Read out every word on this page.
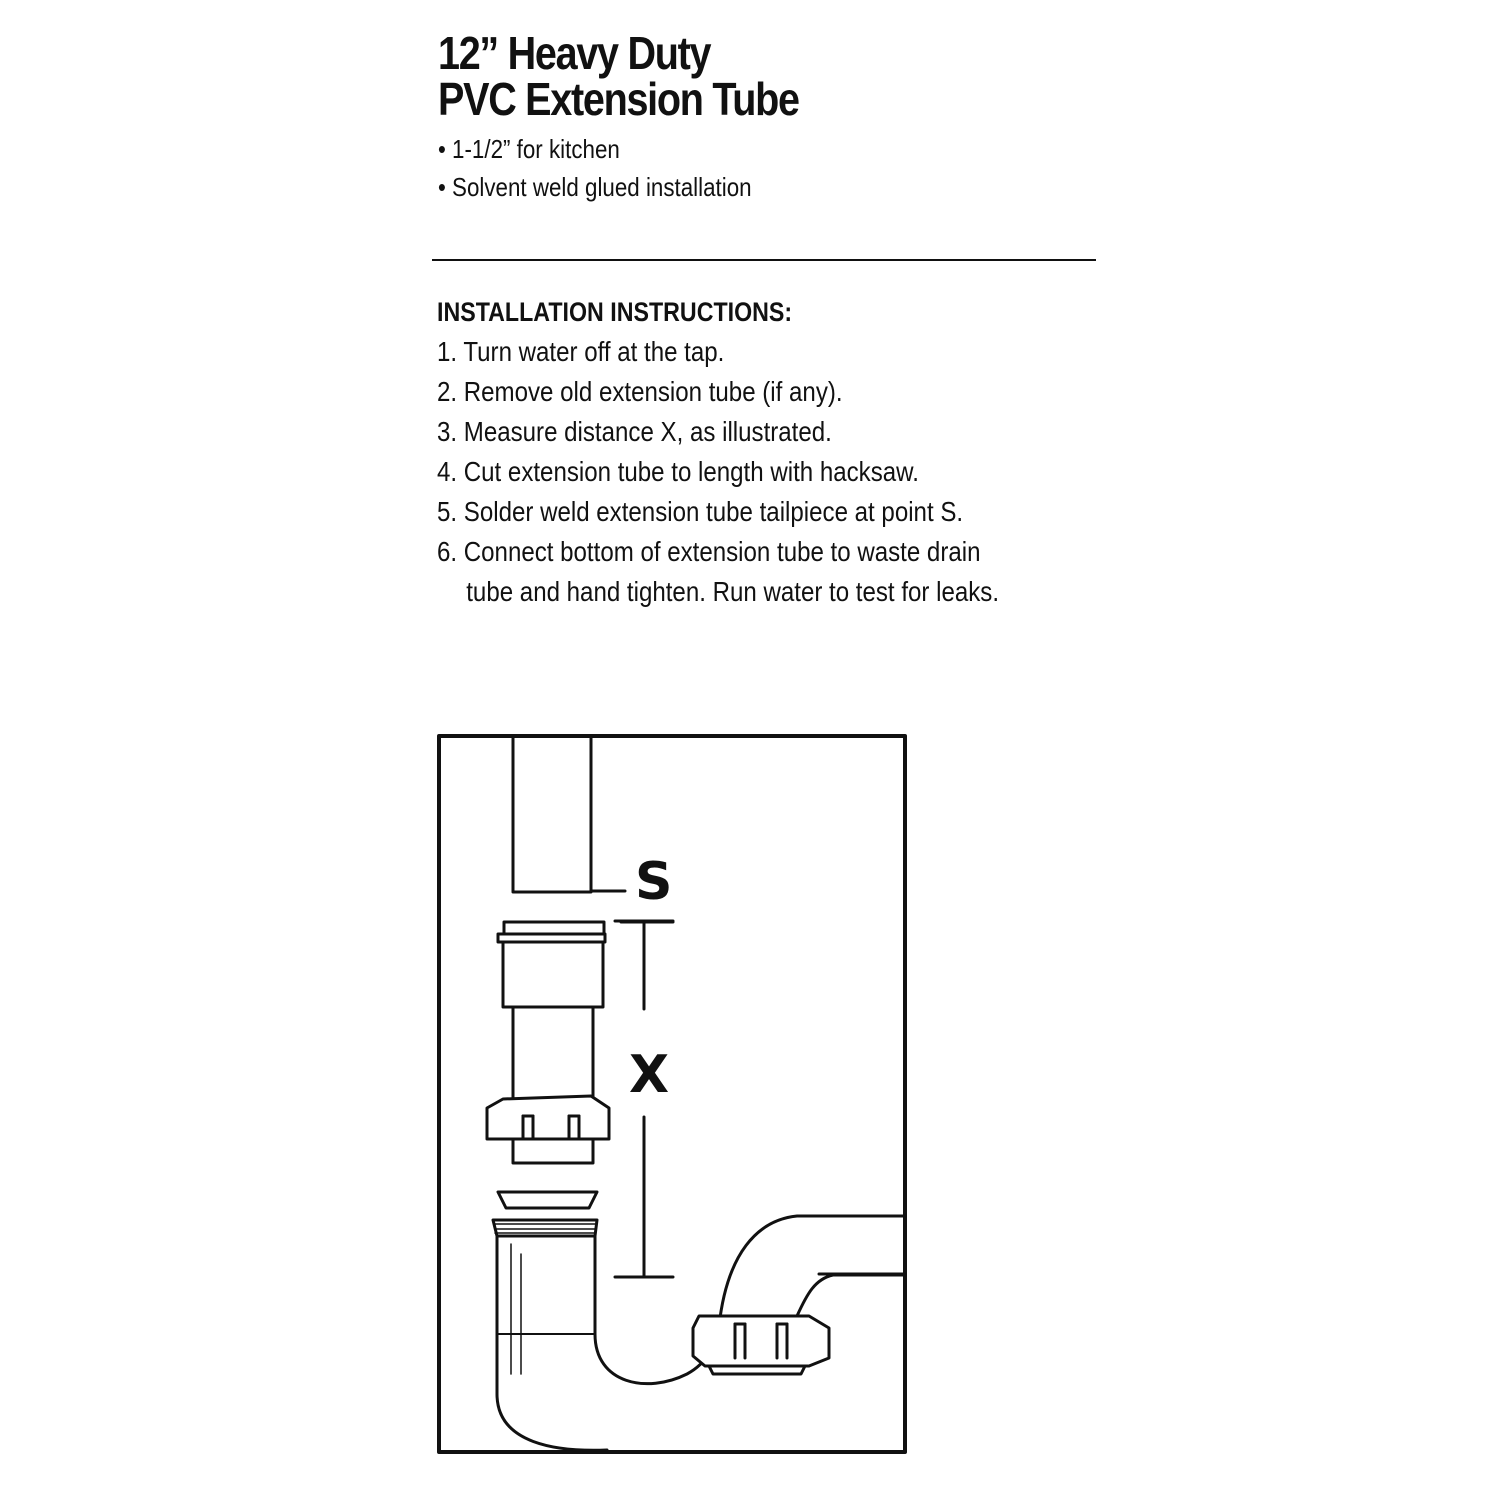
12” Heavy Duty
PVC Extension Tube
• 1-1/2” for kitchen
• Solvent weld glued installation

INSTALLATION INSTRUCTIONS:

1. Turn water off at the tap.
2. Remove old extension tube (if any).
3. Measure distance X, as illustrated.
4. Cut extension tube to length with hacksaw.
5. Solder weld extension tube tailpiece at point S.
6. Connect bottom of extension tube to waste drain
tube and hand tighten. Run water to test for leaks.
S
X
